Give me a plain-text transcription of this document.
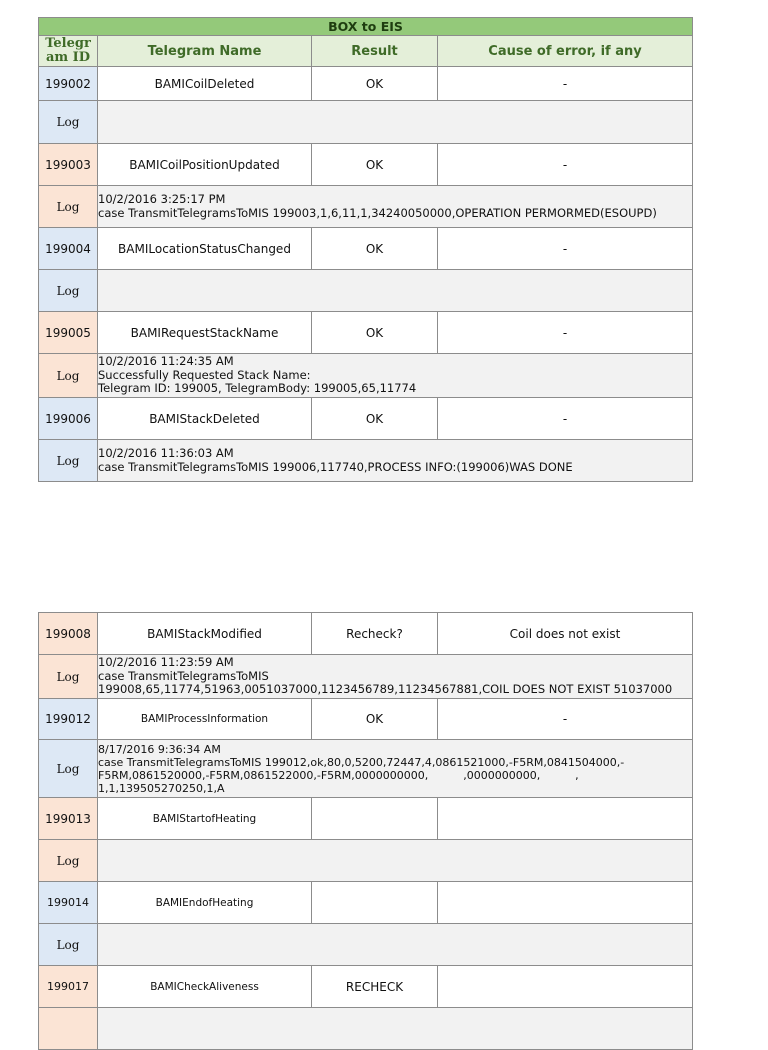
BOX to EIS			
Telegr
am ID	Telegram Name	Result	Cause of error, if any
199002	BAMICoilDeleted	OK	-
Log			
199003	BAMICoilPositionUpdated	OK	-
Log	10/2/2016 3:25:17 PM
case TransmitTelegramsToMIS 199003,1,6,11,1,34240050000,OPERATION PERMORMED(ESOUPD)		
199004	BAMILocationStatusChanged	OK	-
Log			
199005	BAMIRequestStackName	OK	-
Log	10/2/2016 11:24:35 AM
Successfully Requested Stack Name:
Telegram ID: 199005, TelegramBody: 199005,65,11774		
199006	BAMIStackDeleted	OK	-
Log	10/2/2016 11:36:03 AM
case TransmitTelegramsToMIS 199006,117740,PROCESS INFO:(199006)WAS DONE		
199008	BAMIStackModified	Recheck?	Coil does not exist
Log	10/2/2016 11:23:59 AM
case TransmitTelegramsToMIS
199008,65,11774,51963,0051037000,1123456789,11234567881,COIL DOES NOT EXIST 51037000		
199012	BAMIProcessInformation	OK	-
Log	8/17/2016 9:36:34 AM
case TransmitTelegramsToMIS 199012,ok,80,0,5200,72447,4,0861521000,-F5RM,0841504000,-
F5RM,0861520000,-F5RM,0861522000,-F5RM,0000000000,          ,0000000000,          ,
1,1,139505270250,1,A		
199013	BAMIStartofHeating		
Log			
199014	BAMIEndofHeating		
Log			
199017	BAMICheckAliveness	RECHECK	
